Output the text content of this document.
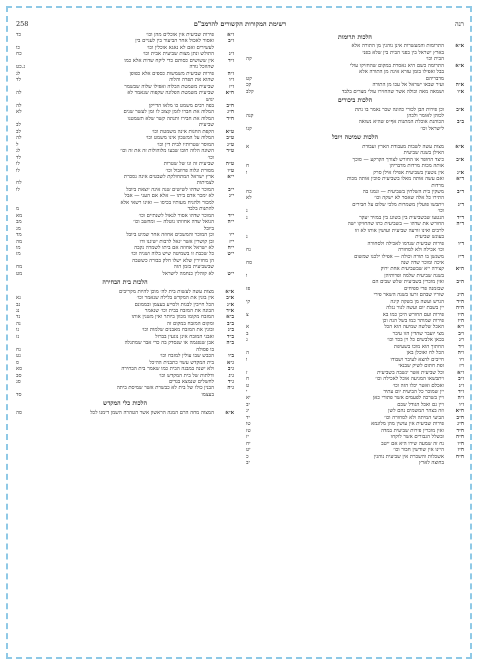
רנה
רשימת המקורות הקשורים להרמב"ם
258
הלכות תרומות
א״א
התרומות והמעשרות אינן נוהגין מן התורה אלא
בארץ ישראל בין בפני הבית בין שלא בפני
הבית וכו׳
קה
א״א
התרומה כשם היא נאסרת במקום שהחזיקו עולי
בבל ואפילו בזמן עזרא אינה מן התורה אלא
מדבריהם
קט
א״ה
ועיר שבאו ישראל אל עכו מן התורה
קכ
א״ו
ושמאה מאה וכולה אשר שהחזירו עולי מצרים בלבד
קלב
הלכות ביכורים
א״ב
וכן פירות הבן לכורי כהונה שכר נאמר בו נתת
לכוהן לאומר ולכהן
קנה
ב״ב
הכוהנת אוכלת המתנות אף״פ שהיא נשואה
לישראל וכו׳
קנו
הלכות שמיטה ויובל
א״א
מצות עשה לשבות מעבודת הארץ ועבודת
א
האילן בשנה שביעית
א״ב
כיצד החופר או החורש לצורך הקרקע — סוכך
אותה מכות מרדות מדבריהן
ח
א״ג
אין נוטעין בשביעית אפילו אילן סרק
ו
ד״א
ואם עשה אותה מאלו בשביעית סוכין אותה מכות
מרדות
ד״ב
משקין בית השלחין בשביעית — ונמנו בה
כח
התירו כל אלה שאסר לא ישקה וכו׳
לא
ד״ג
ויתבשו פועלין משמרות מלכי שלום על חבירים
וכו׳
נ
ד״ד
הנטעו שבשביעית בין בשוגג בין במזיד יעקר
נ
ד״ה
החורש את שדהו — בשביעית כתו שהחזיקו ישה
לרבים ואינו זורעה שביעית ועושין אותו לא וזו
בעונש שביעית
נ
ד״ו
פירות שביעית שנדמו לאכילה ולסחורה
וכו׳ אכילה ולא לסחורה
נח
ד״ז
משגשן בו תורה וכולה — אפילו ילכנו שמשום
איכה ומוכר שדה שנה
סח
ה״א
קצירה ייא שבשביעית אחת ירוק
בשנה שביעית שלמה ופרותיהן
ו
ה״ב
ואין מוכרין בשביעית שלש שבים הם
שבזמנה פרי ספיחים
פז
ה״ג
שזריו שבהם זרעו בשנה השאר פירי
ה״ד
הגרש ועשה מן בשקה קינה
קי
ה״ה
יין בשבת יום ועשה לגור נגלה
ה״ו
פירות ועם החורש היכן כמו בא
צ
ה״ז
פירות שמותר כמו בשל הנה וכן
ו״א
האכל שלשה שמיעה הוא הכל
א
ו״ב
מצי יועבר שהדין הזו עיבר
ב
ו״ג
בכאן אלבשים כל וין בכד וכו׳
ג
ו״ד
החתוך הוא מוכו בשעיפת
ו״ה
הכל לח ואוכלן באן
ה
ו״ו
חייבים להצא לעיבר ושבודו
ו
ו״ז
זפת חתום לשיק שבנאי
ז״א
וכל שביעית אשר ינשבה בשביעית
ז
ז״ב
ויתבשאו המגיעה אוכל לאכילה וכו׳
ח
ז״ג
ואכלם ואשר יכלו הזה וכו׳
ט
ז״ד
יין שמוכר כל הביעית יום עתיד
י
ז״ה
ויין בשרכה לפעמים אשר פתורי כאן
יא
ז״ו
ויין גם ואכל הגודל שכם
יב
ח״א
וזה בצהר המשמים נהם לשן
יג
ח״ב
הביעי המיתה ולא לסחורה וכו׳
יד
ח״ג
פירות שביעית אין עושין מהן מלוגמא
טו
ח״ד
ואין מוכרין פירות שביעית במדה
טז
ח״ה
ובשלל הגבורים אשר לוקחו
יז
ח״ו
נח זה שמעה שירו היא אם ייטב
יח
ח״ז
היינו אין שודשין חבור וכו׳
יט
ח״ח
אשכלות והשכרת אין שביעית נוהגין
כ
בחוצה לארץ
יב
ז״א
פירות שביעית אין אוכלים מהן וכו׳
כד
ז״ב
ואסור לאכול אחר הביעור בין לעניים בין
לעשירים ואם לא נאגא אוכלין וכו׳
כו
ז״ג
התולש ונתן מצות שביעית אבית וכו׳
כח
ז״ד
אין ששושים כסותם כדי ליקח שדות אלא כמו
שהוזכל נודה
ג.כט
ז״ה
פירות שביעית משמשות כספים אלא כפופן
לג
ז״ו
שהוא את תפרה והלוה
לד
ז״ז
שביעית משמטת הבלוה ואפילו שלוה שבשמר
ח״א
שביעית משמטת הפלוגה שקפוה שנאמר לא
לה
יגוש
ח״ב
בפה רבים משמט כו מלאו הדייקן
לה
ח״ג
המלוה את חברו לזמן קצוב לו זמן לעשר שנים
לא
ח״ד
המלוה את חבירו ותנתה קשר שלא תשמטנו
שביעית
לב
ט״א
הקפת החנות אינה משמטת וכו׳
לב
ט״ב
המלוה על המשכון אינו משמט וכו׳
לה
ט״ג
המוסר שטרותיו לבית דין וכו׳
ל
ט״ד
השונה הלוה חובו שבעו מלוהולות זה את זה וכו׳
לג
וכו׳
לד
ט״ה
שביעית זה ונו של שטרות
לו
ט״ו
מסורת ונלוה פרוזבול וכו׳
לו
י״א
ארץ ישראל המתחולקת לשבטים אינה נסכרת
לצמיתות
לח
י״ב
המוכר שדהו לשישים שנה אינה יוצאת ביובל
לו
י״ג
לא ימכר אדם ביתו — אלא אם העני — אבל
למכור ולהניח מעותיו בכיסו — ואינו רשאי אלא
להתנות בלבד
מ
י״ד
המוכר שדהו אסור לגאול לשנתיים וכו׳
מא
י״ה
הגואל שדה אחוזתו נוטלה — ומחשב וכו׳
מב
ביובל
מג
י״ו
וכן המוכר והמשכים אחוזה אחר שמיט ביובל
מד
י״ז
ובן קושרין אשר יגאל לרבות ישיגנו ודו
מה
י״ח
לא ישראל אחוזה אם ביתו לשמרה נקבה
מו
י״ט
כל שכבת זו בשמיטה שיש בלוה ושניה וכו׳
מז
הן מחזירין שלא ישלו חלק בבורה כששבה
שבשביעית בזמן הזה
מח
י״ט
לא קוהלין כנחמה לישראל
מט
הלכות בית הבחירה
א״א
מצות עשה לעשות בית לה׳ מוכן להיות מקריבים
א״ב
אין בונין את המקדש בלילה שנאמר וכו׳
נא
א״ג
הכל חייבין לבנות ולסייע בעצמן ובממונם
נב
א״ד
הבונה את המזבח בבית וכו׳ שנאמר
נג
ב״א
המזבח מקומו מכוון ביותר ואין משנין אותו
נד
ב״ב
ומקום המזבח במקום זה
נה
ב״ג
ובונין את המזבח מאבנים שלמות וכו׳
נו
ב״ד
ואבני המזבח אינן נוגעין בברזל
נז
ב״ה
אבן שנפגמה או שנסדק בה כדי אבר שמתגלה
בו פסולה
נח
ב״ו
הכבש שבו עולין למזבח וכו׳
נט
ג״א
בית המקדש עשוי כתבנית ההיכל
ס
ג״ב
ולא ישנה במבנה הבית כמו שאמר בית הבחירה
סא
ג״ג
ודלתות של בית המקדש וכו׳
סב
ג״ד
לחשלים שנמצא בגדים
סג
ג״ה
הבנין כולו של בית לא כבשרת אשר שמיסת ביתה
בעצמו
סד
הלכות כלי המקדש
א״א
המצוה מחה הרם המנה הראשון אשר הטהרה השמן דימנו לכל
סה
